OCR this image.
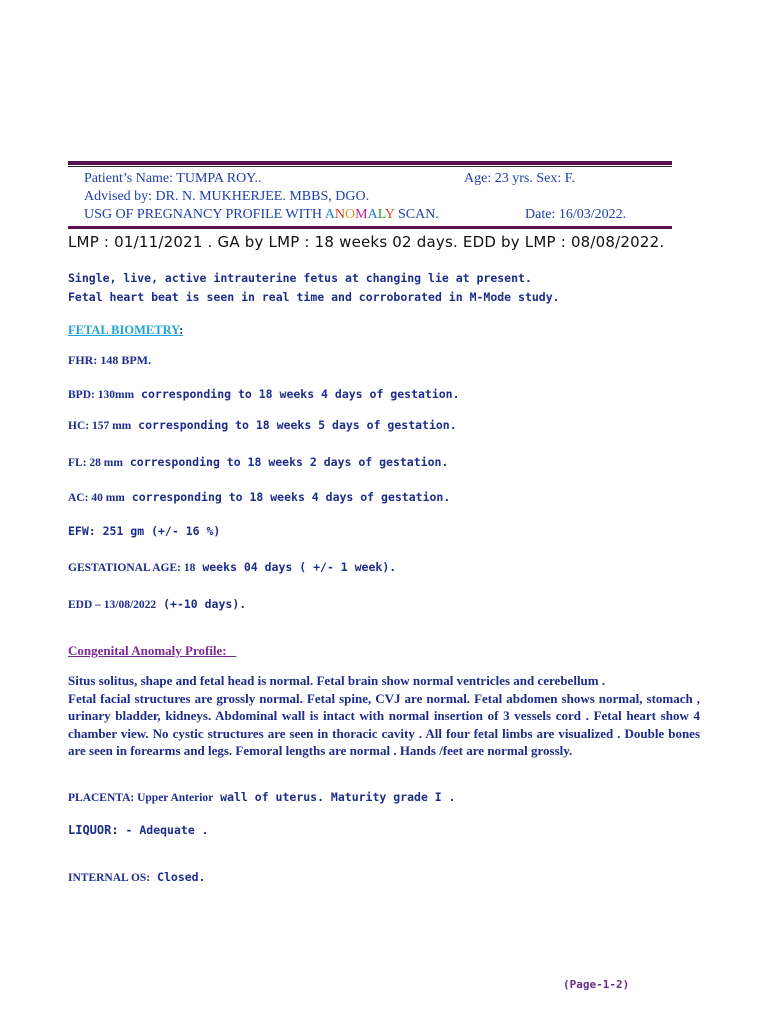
Patient’s Name: TUMPA ROY..	Age: 23 yrs. Sex: F.
Advised by: DR. N. MUKHERJEE. MBBS, DGO.
USG OF PREGNANCY PROFILE WITH ANOMALY SCAN.	Date: 16/03/2022.
LMP : 01/11/2021 . GA by LMP : 18 weeks 02 days. EDD by LMP : 08/08/2022.
Single, live, active intrauterine fetus at changing lie at present.
Fetal heart beat is seen in real time and corroborated in M-Mode study.
FETAL BIOMETRY:
FHR: 148 BPM.
BPD: 130mm corresponding to 18 weeks 4 days of gestation.
HC: 157 mm corresponding to 18 weeks 5 days of gestation.
FL: 28 mm corresponding to 18 weeks 2 days of gestation.
AC: 40 mm corresponding to 18 weeks 4 days of gestation.
EFW: 251 gm (+/- 16 %)
GESTATIONAL AGE: 18 weeks 04 days ( +/- 1 week).
EDD – 13/08/2022 (+-10 days).
Congenital Anomaly Profile:
Situs solitus, shape and fetal head is normal. Fetal brain show normal ventricles and cerebellum .
Fetal facial structures are grossly normal. Fetal spine, CVJ are normal. Fetal abdomen shows normal, stomach , urinary bladder, kidneys. Abdominal wall is intact with normal insertion of 3 vessels cord . Fetal heart show 4 chamber view. No cystic structures are seen in thoracic cavity . All four fetal limbs are visualized . Double bones are seen in forearms and legs. Femoral lengths are normal . Hands /feet are normal grossly.
PLACENTA: Upper Anterior wall of uterus. Maturity grade I .
LIQUOR: - Adequate .
INTERNAL OS: Closed.
(Page-1-2)
